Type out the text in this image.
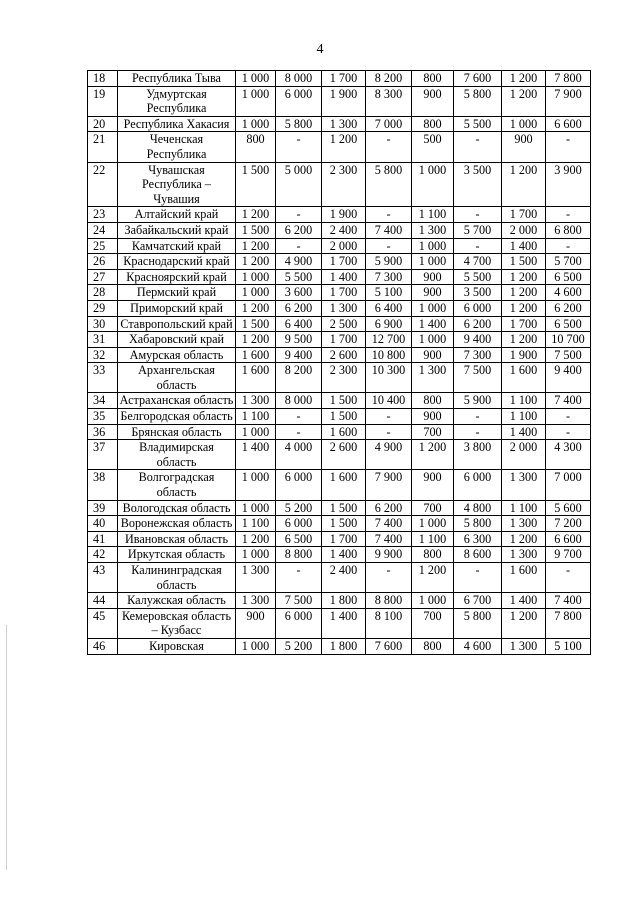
4
18	Республика Тыва	1 000	8 000	1 700	8 200	800	7 600	1 200	7 800
19	Удмуртская Республика	1 000	6 000	1 900	8 300	900	5 800	1 200	7 900
20	Республика Хакасия	1 000	5 800	1 300	7 000	800	5 500	1 000	6 600
21	Чеченская Республика	800	-	1 200	-	500	-	900	-
22	Чувашская Республика – Чувашия	1 500	5 000	2 300	5 800	1 000	3 500	1 200	3 900
23	Алтайский край	1 200	-	1 900	-	1 100	-	1 700	-
24	Забайкальский край	1 500	6 200	2 400	7 400	1 300	5 700	2 000	6 800
25	Камчатский край	1 200	-	2 000	-	1 000	-	1 400	-
26	Краснодарский край	1 200	4 900	1 700	5 900	1 000	4 700	1 500	5 700
27	Красноярский край	1 000	5 500	1 400	7 300	900	5 500	1 200	6 500
28	Пермский край	1 000	3 600	1 700	5 100	900	3 500	1 200	4 600
29	Приморский край	1 200	6 200	1 300	6 400	1 000	6 000	1 200	6 200
30	Ставропольский край	1 500	6 400	2 500	6 900	1 400	6 200	1 700	6 500
31	Хабаровский край	1 200	9 500	1 700	12 700	1 000	9 400	1 200	10 700
32	Амурская область	1 600	9 400	2 600	10 800	900	7 300	1 900	7 500
33	Архангельская область	1 600	8 200	2 300	10 300	1 300	7 500	1 600	9 400
34	Астраханская область	1 300	8 000	1 500	10 400	800	5 900	1 100	7 400
35	Белгородская область	1 100	-	1 500	-	900	-	1 100	-
36	Брянская область	1 000	-	1 600	-	700	-	1 400	-
37	Владимирская область	1 400	4 000	2 600	4 900	1 200	3 800	2 000	4 300
38	Волгоградская область	1 000	6 000	1 600	7 900	900	6 000	1 300	7 000
39	Вологодская область	1 000	5 200	1 500	6 200	700	4 800	1 100	5 600
40	Воронежская область	1 100	6 000	1 500	7 400	1 000	5 800	1 300	7 200
41	Ивановская область	1 200	6 500	1 700	7 400	1 100	6 300	1 200	6 600
42	Иркутская область	1 000	8 800	1 400	9 900	800	8 600	1 300	9 700
43	Калининградская область	1 300	-	2 400	-	1 200	-	1 600	-
44	Калужская область	1 300	7 500	1 800	8 800	1 000	6 700	1 400	7 400
45	Кемеровская область – Кузбасс	900	6 000	1 400	8 100	700	5 800	1 200	7 800
46	Кировская	1 000	5 200	1 800	7 600	800	4 600	1 300	5 100
